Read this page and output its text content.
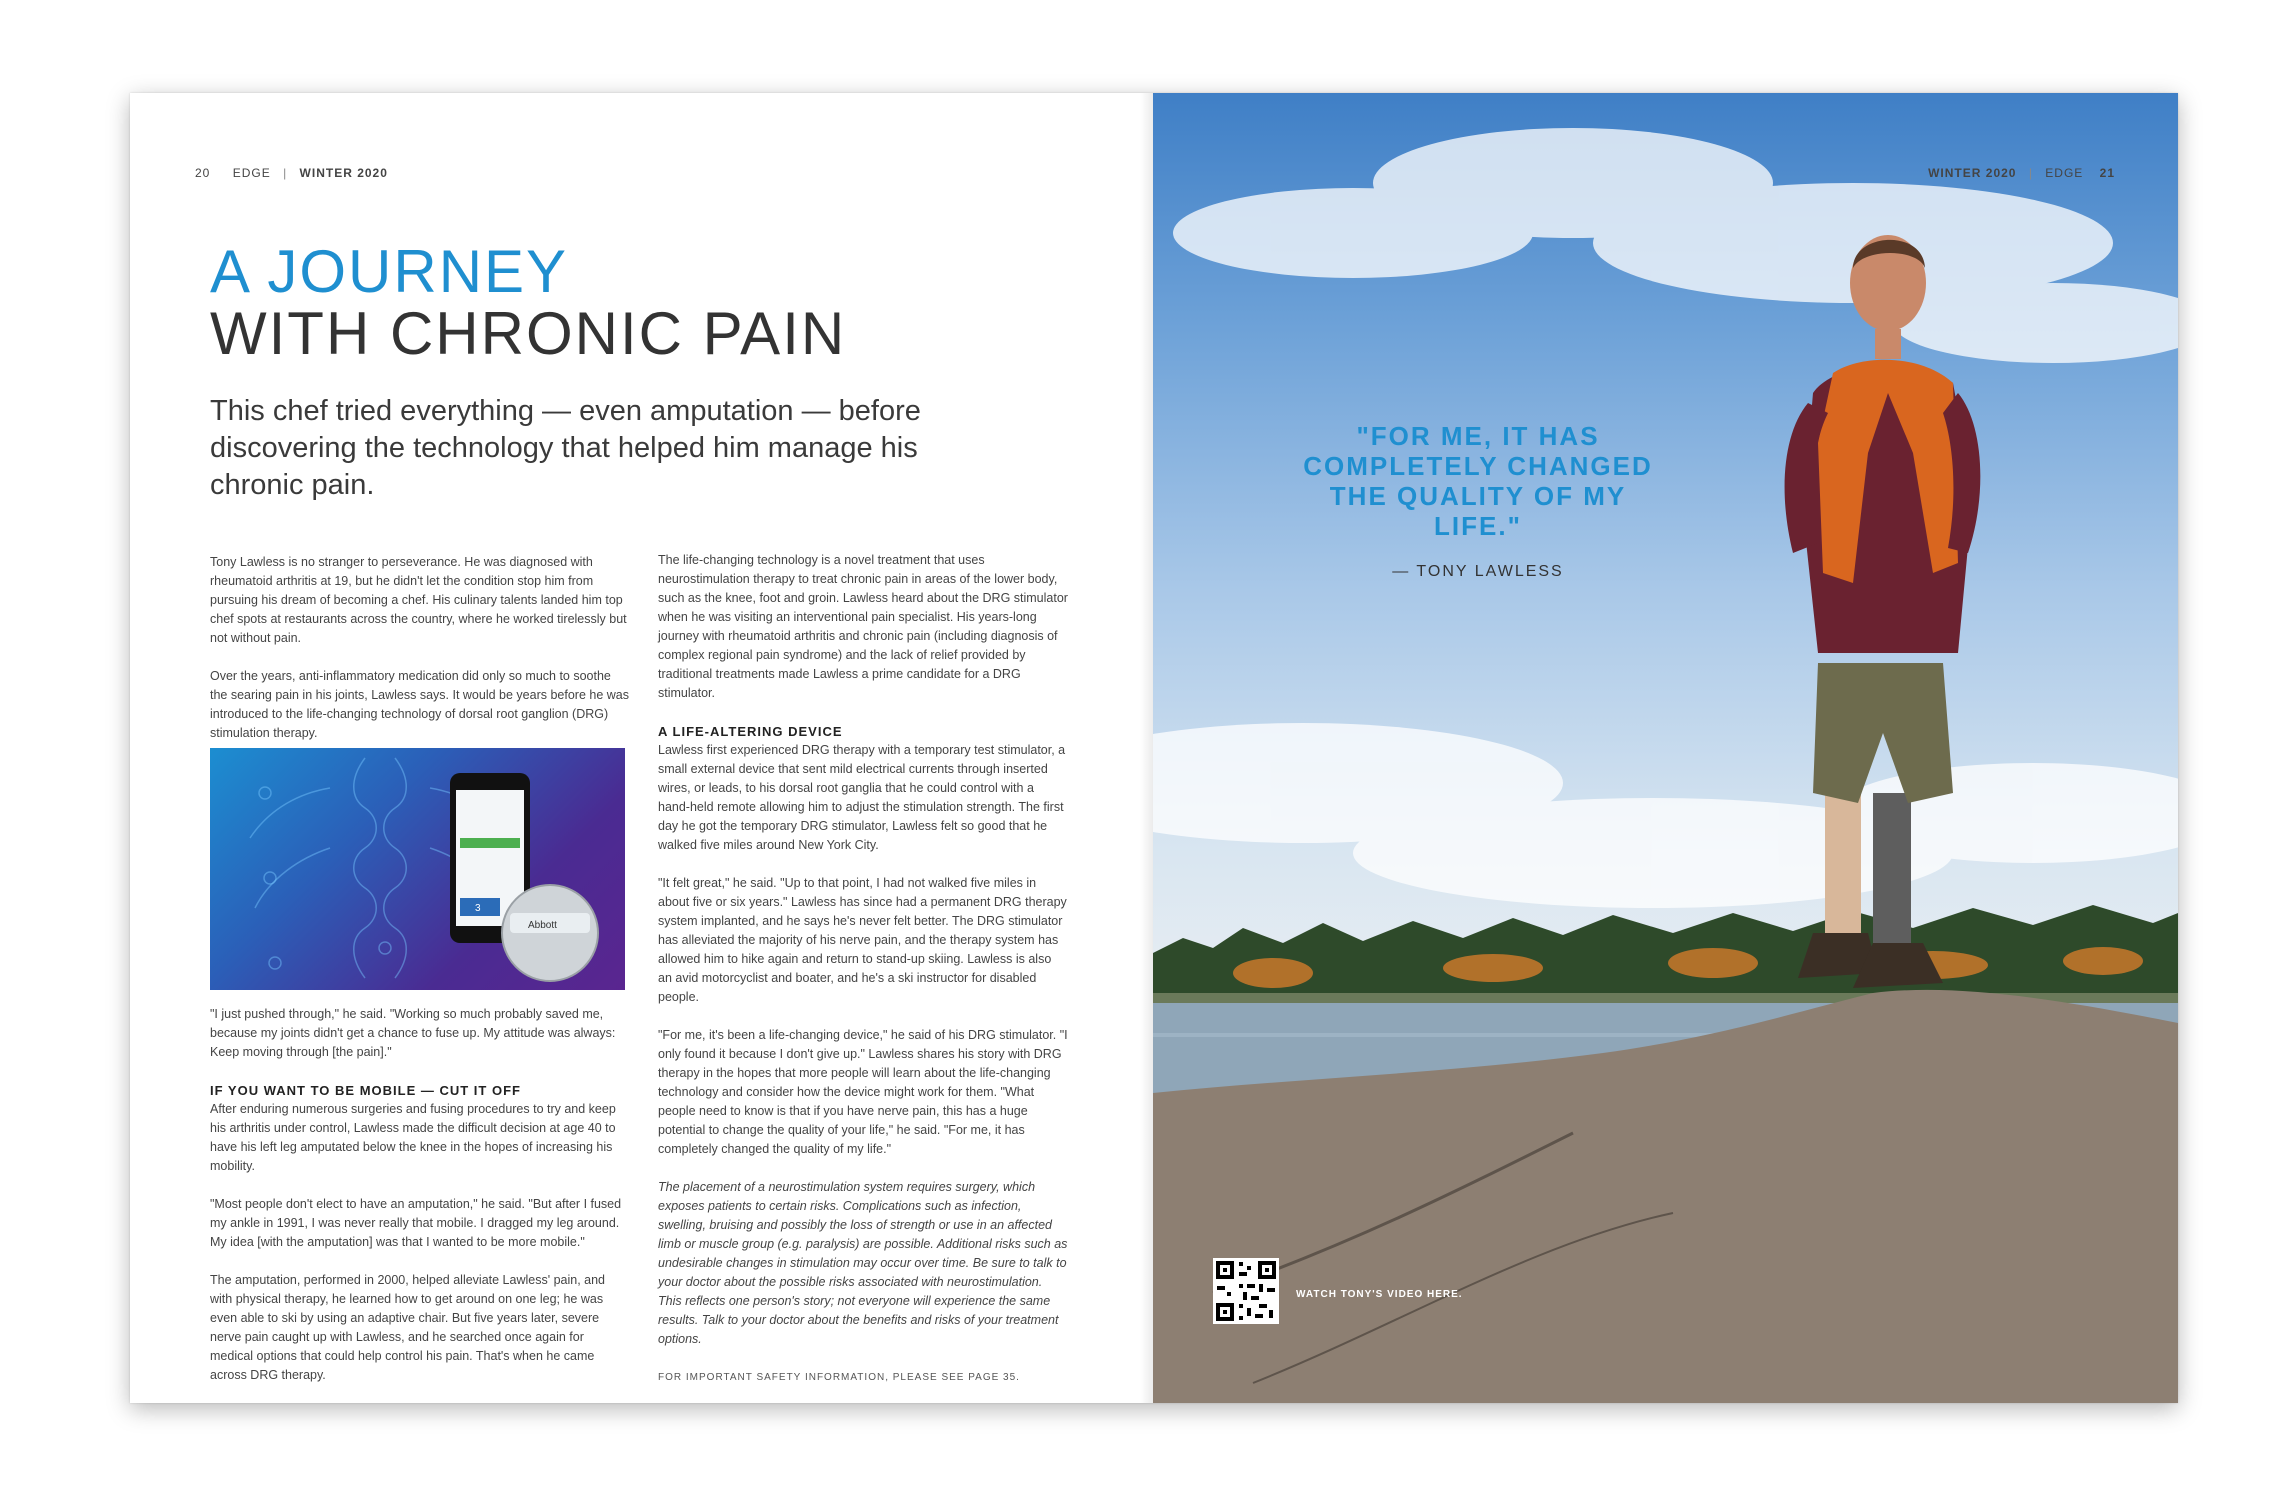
20 EDGE | WINTER 2020
A JOURNEY
WITH CHRONIC PAIN
This chef tried everything — even amputation — before discovering the technology that helped him manage his chronic pain.

Tony Lawless is no stranger to perseverance. He was diagnosed with rheumatoid arthritis at 19, but he didn't let the condition stop him from pursuing his dream of becoming a chef. His culinary talents landed him top chef spots at restaurants across the country, where he worked tirelessly but not without pain.

Over the years, anti-inflammatory medication did only so much to soothe the searing pain in his joints, Lawless says. It would be years before he was introduced to the life-changing technology of dorsal root ganglion (DRG) stimulation therapy.

3
Abbott

"I just pushed through," he said. "Working so much probably saved me, because my joints didn't get a chance to fuse up. My attitude was always: Keep moving through [the pain]."

IF YOU WANT TO BE MOBILE — CUT IT OFF

After enduring numerous surgeries and fusing procedures to try and keep his arthritis under control, Lawless made the difficult decision at age 40 to have his left leg amputated below the knee in the hopes of increasing his mobility.

"Most people don't elect to have an amputation," he said. "But after I fused my ankle in 1991, I was never really that mobile. I dragged my leg around. My idea [with the amputation] was that I wanted to be more mobile."

The amputation, performed in 2000, helped alleviate Lawless' pain, and with physical therapy, he learned how to get around on one leg; he was even able to ski by using an adaptive chair. But five years later, severe nerve pain caught up with Lawless, and he searched once again for medical options that could help control his pain. That's when he came across DRG therapy.

The life-changing technology is a novel treatment that uses neurostimulation therapy to treat chronic pain in areas of the lower body, such as the knee, foot and groin. Lawless heard about the DRG stimulator when he was visiting an interventional pain specialist. His years-long journey with rheumatoid arthritis and chronic pain (including diagnosis of complex regional pain syndrome) and the lack of relief provided by traditional treatments made Lawless a prime candidate for a DRG stimulator.

A LIFE-ALTERING DEVICE

Lawless first experienced DRG therapy with a temporary test stimulator, a small external device that sent mild electrical currents through inserted wires, or leads, to his dorsal root ganglia that he could control with a hand-held remote allowing him to adjust the stimulation strength. The first day he got the temporary DRG stimulator, Lawless felt so good that he walked five miles around New York City.

"It felt great," he said. "Up to that point, I had not walked five miles in about five or six years." Lawless has since had a permanent DRG therapy system implanted, and he says he's never felt better. The DRG stimulator has alleviated the majority of his nerve pain, and the therapy system has allowed him to hike again and return to stand-up skiing. Lawless is also an avid motorcyclist and boater, and he's a ski instructor for disabled people.

"For me, it's been a life-changing device," he said of his DRG stimulator. "I only found it because I don't give up." Lawless shares his story with DRG therapy in the hopes that more people will learn about the life-changing technology and consider how the device might work for them. "What people need to know is that if you have nerve pain, this has a huge potential to change the quality of your life," he said. "For me, it has completely changed the quality of my life."

The placement of a neurostimulation system requires surgery, which exposes patients to certain risks. Complications such as infection, swelling, bruising and possibly the loss of strength or use in an affected limb or muscle group (e.g. paralysis) are possible. Additional risks such as undesirable changes in stimulation may occur over time. Be sure to talk to your doctor about the possible risks associated with neurostimulation. This reflects one person's story; not everyone will experience the same results. Talk to your doctor about the benefits and risks of your treatment options.

FOR IMPORTANT SAFETY INFORMATION, PLEASE SEE PAGE 35.

WINTER 2020 | EDGE 21
"FOR ME, IT HAS COMPLETELY CHANGED THE QUALITY OF MY LIFE."
— TONY LAWLESS
WATCH TONY'S VIDEO HERE.
